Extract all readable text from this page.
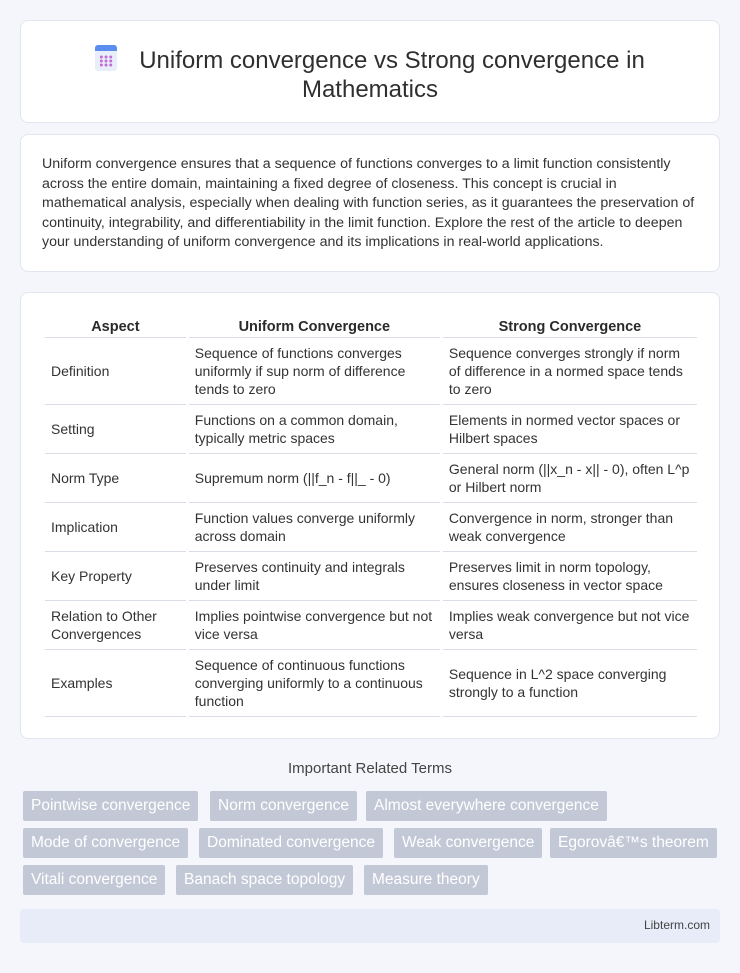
Uniform convergence vs Strong convergence in Mathematics

Uniform convergence ensures that a sequence of functions converges to a limit function consistently across the entire domain, maintaining a fixed degree of closeness. This concept is crucial in mathematical analysis, especially when dealing with function series, as it guarantees the preservation of continuity, integrability, and differentiability in the limit function. Explore the rest of the article to deepen your understanding of uniform convergence and its implications in real-world applications.

Aspect	Uniform Convergence	Strong Convergence
Definition	Sequence of functions converges uniformly if sup norm of difference tends to zero	Sequence converges strongly if norm of difference in a normed space tends to zero
Setting	Functions on a common domain, typically metric spaces	Elements in normed vector spaces or Hilbert spaces
Norm Type	Supremum norm (||f_n - f||_ - 0)	General norm (||x_n - x|| - 0), often L^p or Hilbert norm
Implication	Function values converge uniformly across domain	Convergence in norm, stronger than weak convergence
Key Property	Preserves continuity and integrals under limit	Preserves limit in norm topology, ensures closeness in vector space
Relation to Other Convergences	Implies pointwise convergence but not vice versa	Implies weak convergence but not vice versa
Examples	Sequence of continuous functions converging uniformly to a continuous function	Sequence in L^2 space converging strongly to a function
Important Related Terms
Pointwise convergence	Norm convergence	Almost everywhere convergence
Mode of convergence	Dominated convergence	Weak convergence	Egorovâ€™s theorem
Vitali convergence	Banach space topology	Measure theory
Libterm.com
